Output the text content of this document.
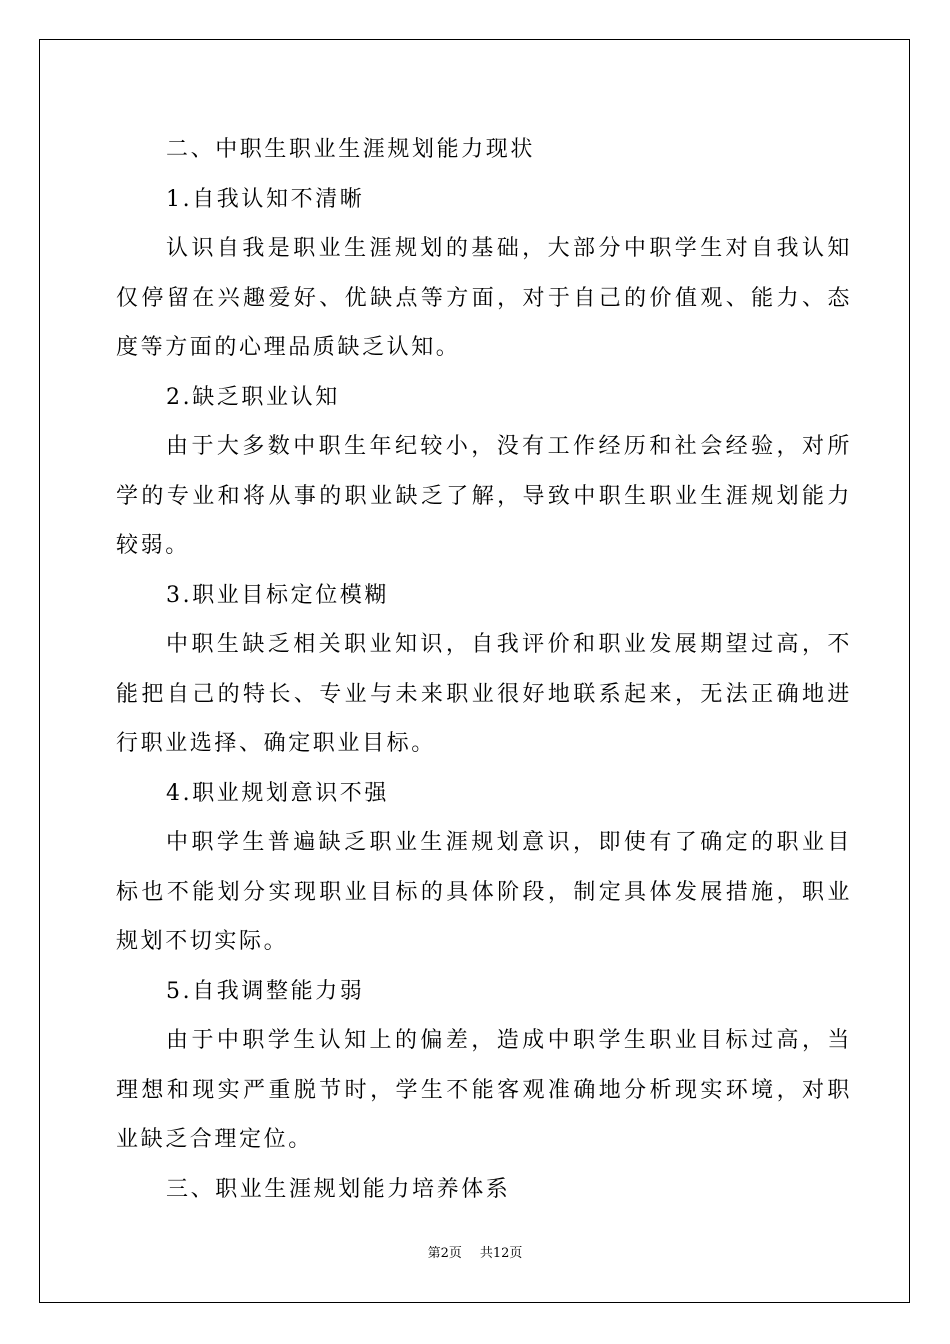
二、中职生职业生涯规划能力现状

1.自我认知不清晰

认识自我是职业生涯规划的基础，大部分中职学生对自我认知仅停留在兴趣爱好、优缺点等方面，对于自己的价值观、能力、态度等方面的心理品质缺乏认知。

2.缺乏职业认知

由于大多数中职生年纪较小，没有工作经历和社会经验，对所学的专业和将从事的职业缺乏了解，导致中职生职业生涯规划能力较弱。

3.职业目标定位模糊

中职生缺乏相关职业知识，自我评价和职业发展期望过高，不能把自己的特长、专业与未来职业很好地联系起来，无法正确地进行职业选择、确定职业目标。

4.职业规划意识不强

中职学生普遍缺乏职业生涯规划意识，即使有了确定的职业目标也不能划分实现职业目标的具体阶段，制定具体发展措施，职业规划不切实际。

5.自我调整能力弱

由于中职学生认知上的偏差，造成中职学生职业目标过高，当理想和现实严重脱节时，学生不能客观准确地分析现实环境，对职业缺乏合理定位。

三、职业生涯规划能力培养体系

第2页 共12页
